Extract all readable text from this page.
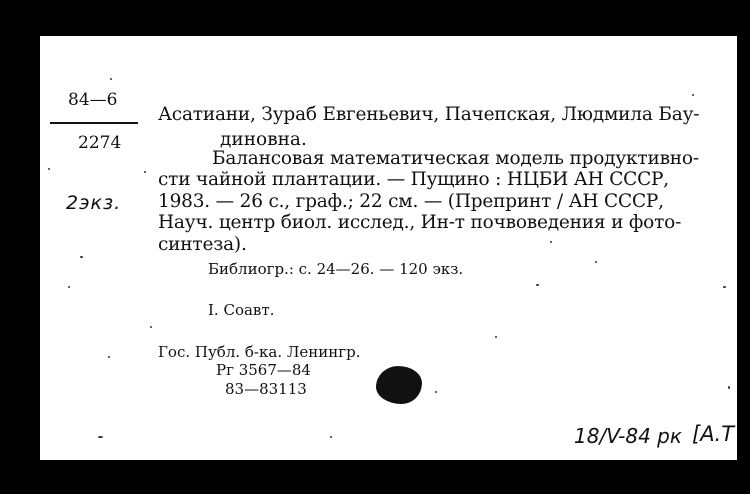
84—6
2274
2экз.
Асатиани, Зураб Евгеньевич, Пачепская, Людмила Бау-
диновна.
Балансовая математическая модель продуктивно-
сти чайной плантации. — Пущино : НЦБИ АН СССР,
1983. — 26 с., граф.; 22 см. — (Препринт / АН СССР,
Науч. центр биол. исслед., Ин-т почвоведения и фото-
синтеза).
Библиогр.: с. 24—26. — 120 экз.
I. Соавт.
Гос. Публ. б-ка. Ленингр.
Рг 3567—84
83—83113
18/V-84 рк [А.Т
